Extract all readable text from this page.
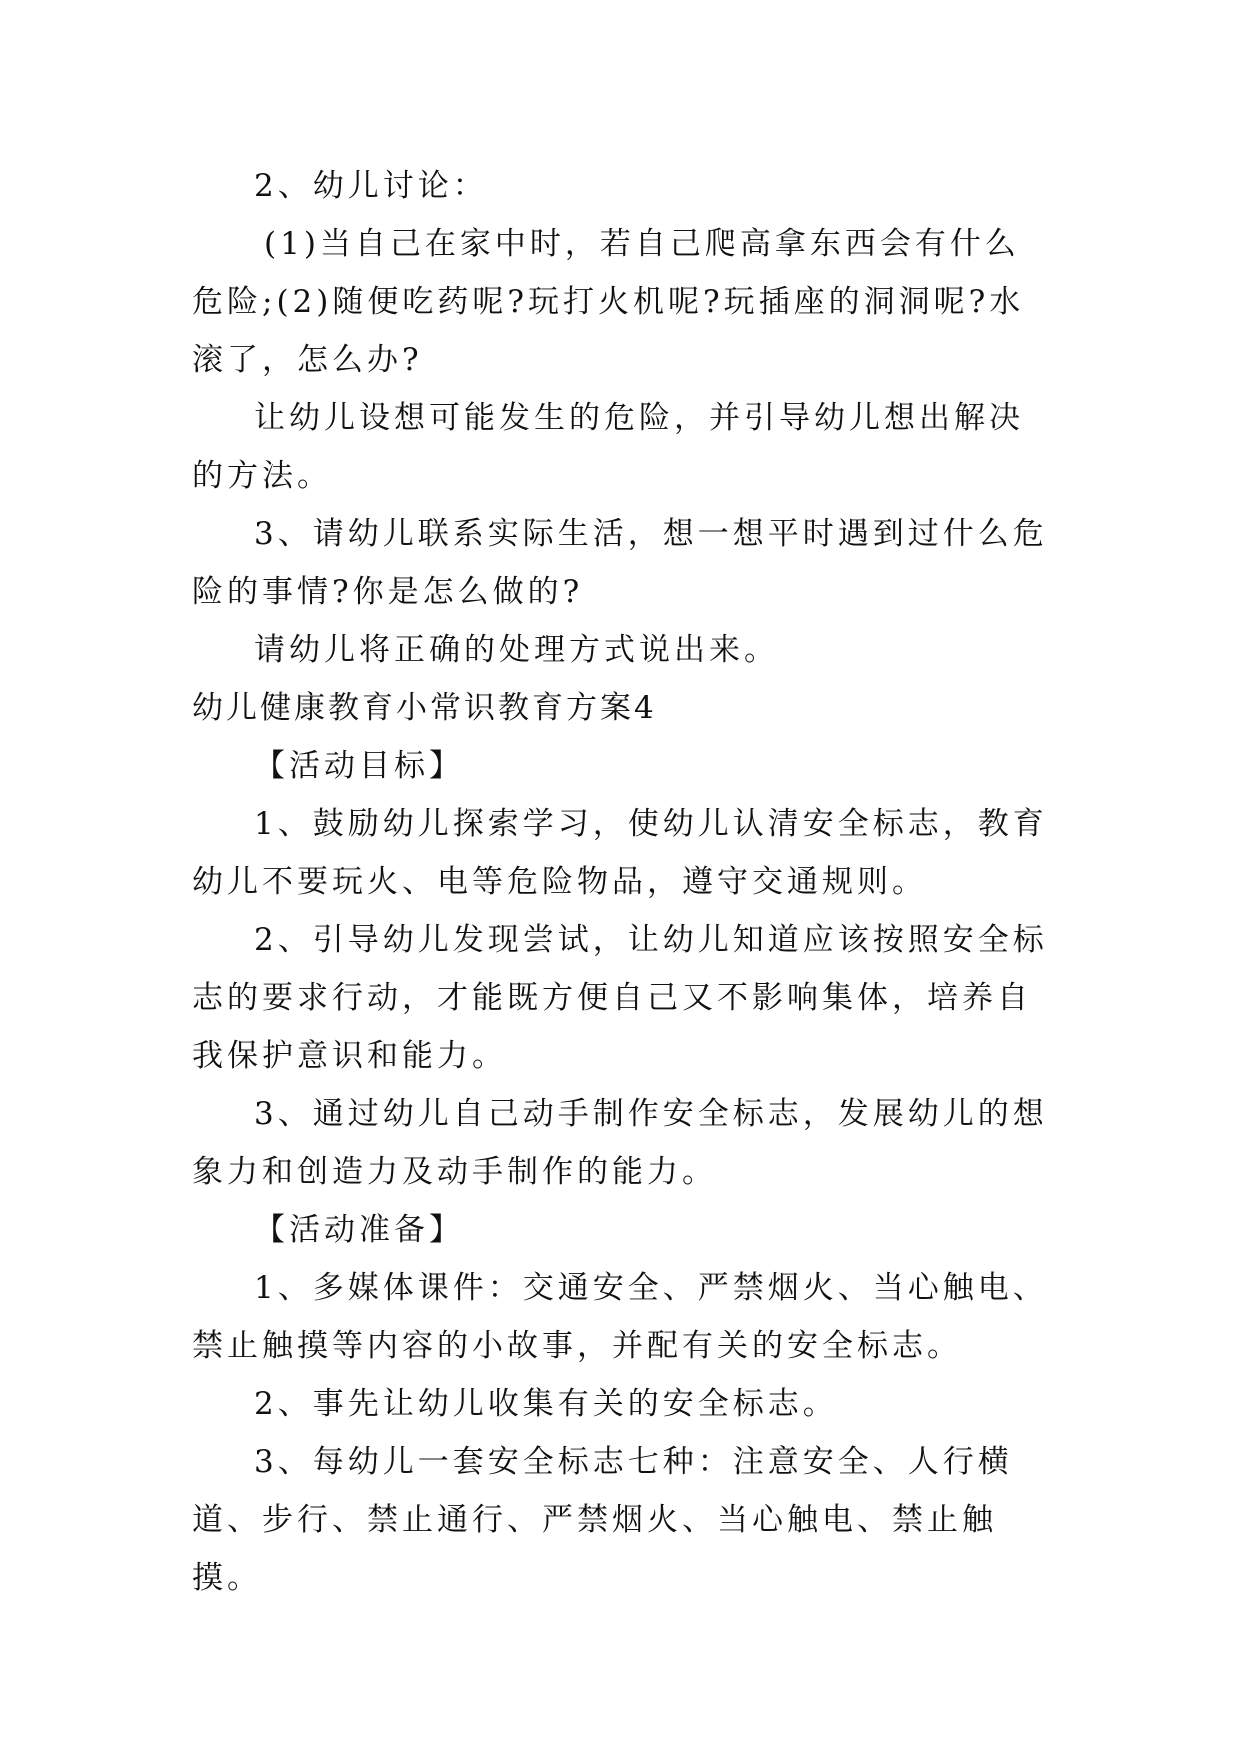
2、幼儿讨论：

(1)当自己在家中时，若自己爬高拿东西会有什么危险;(2)随便吃药呢?玩打火机呢?玩插座的洞洞呢?水滚了，怎么办?

让幼儿设想可能发生的危险，并引导幼儿想出解决的方法。

3、请幼儿联系实际生活，想一想平时遇到过什么危险的事情?你是怎么做的?

请幼儿将正确的处理方式说出来。

幼儿健康教育小常识教育方案4

【活动目标】

1、鼓励幼儿探索学习，使幼儿认清安全标志，教育幼儿不要玩火、电等危险物品，遵守交通规则。

2、引导幼儿发现尝试，让幼儿知道应该按照安全标志的要求行动，才能既方便自己又不影响集体，培养自我保护意识和能力。

3、通过幼儿自己动手制作安全标志，发展幼儿的想象力和创造力及动手制作的能力。

【活动准备】

1、多媒体课件：交通安全、严禁烟火、当心触电、禁止触摸等内容的小故事，并配有关的安全标志。

2、事先让幼儿收集有关的安全标志。

3、每幼儿一套安全标志七种：注意安全、人行横道、步行、禁止通行、严禁烟火、当心触电、禁止触摸。
